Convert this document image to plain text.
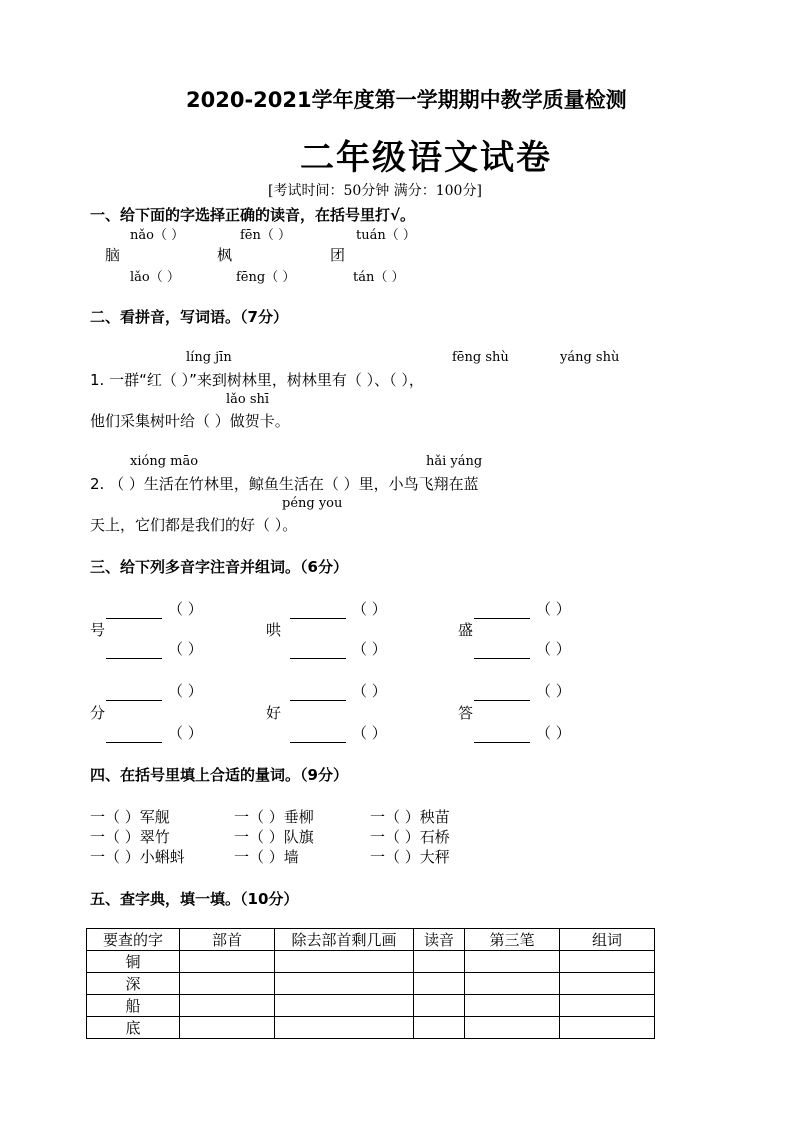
2020-2021学年度第一学期期中教学质量检测
二年级语文试卷
[考试时间：50分钟 满分：100分]
一、给下面的字选择正确的读音，在括号里打√。
nǎo（ ）	fēn（ ）	tuán（ ）
脑	枫	团
lǎo（ ）	fēng（ ）	tán（ ）
二、看拼音，写词语。（7分）
líng jīn	fēng shù	yáng shù
1. 一群“红（ ）”来到树林里，树林里有（ ）、（ ），
lǎo shī
他们采集树叶给（ ）做贺卡。
xióng māo	hǎi yáng
2. （ ）生活在竹林里，鲸鱼生活在（ ）里，小鸟飞翔在蓝
péng you
天上，它们都是我们的好（ ）。
三、给下列多音字注音并组词。（6分）
（ ）	（ ）	（ ）
号	哄	盛
（ ）	（ ）	（ ）
（ ）	（ ）	（ ）
分	好	答
（ ）	（ ）	（ ）
四、在括号里填上合适的量词。（9分）
一（ ）军舰	一（ ）垂柳	一（ ）秧苗
一（ ）翠竹	一（ ）队旗	一（ ）石桥
一（ ）小蝌蚪	一（ ）墙	一（ ）大秤
五、查字典，填一填。（10分）
要查的字	部首	除去部首剩几画	读音	第三笔	组词
铜					
深					
船					
底					
